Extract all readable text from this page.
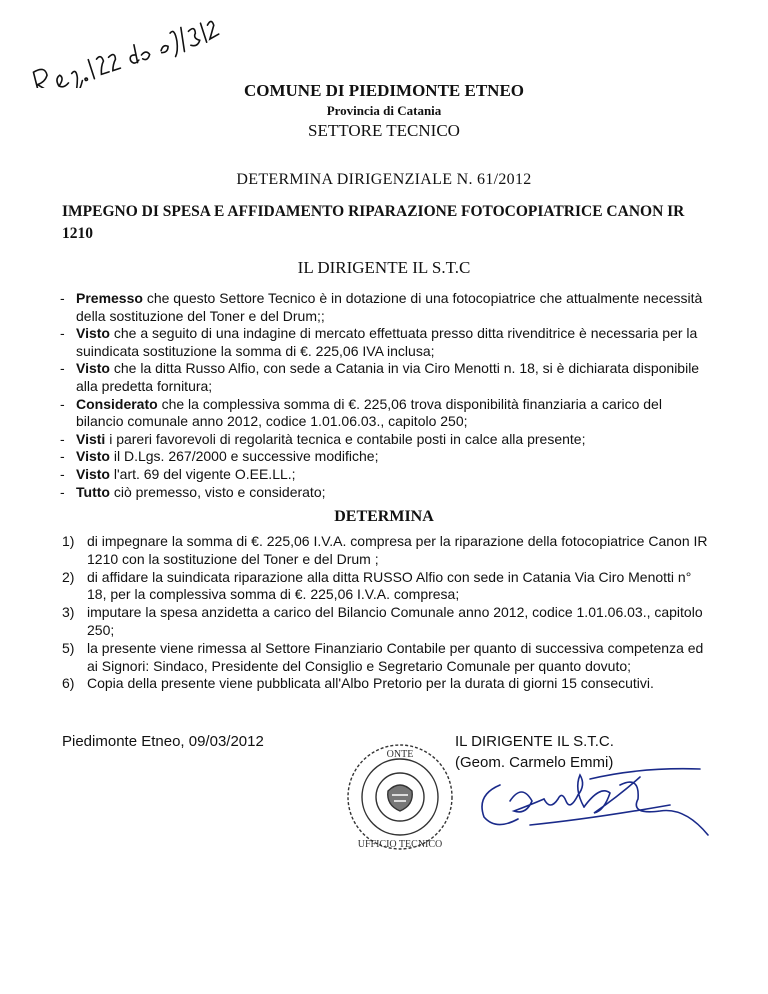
COMUNE DI PIEDIMONTE ETNEO
Provincia di Catania
SETTORE TECNICO
DETERMINA DIRIGENZIALE N. 61/2012
IMPEGNO DI SPESA E AFFIDAMENTO RIPARAZIONE FOTOCOPIATRICE CANON IR 1210
IL DIRIGENTE IL S.T.C
- Premesso che questo Settore Tecnico è in dotazione di una fotocopiatrice che attualmente necessità della sostituzione del Toner e del Drum;;
- Visto che a seguito di una indagine di mercato effettuata presso ditta rivenditrice è necessaria per la suindicata sostituzione la somma di €. 225,06 IVA inclusa;
- Visto che la ditta Russo Alfio, con sede a Catania in via Ciro Menotti n. 18, si è dichiarata disponibile alla predetta fornitura;
- Considerato che la complessiva somma di €. 225,06 trova disponibilità finanziaria a carico del bilancio comunale anno 2012, codice 1.01.06.03., capitolo 250;
- Visti i pareri favorevoli di regolarità tecnica e contabile posti in calce alla presente;
- Visto il D.Lgs. 267/2000 e successive modifiche;
- Visto l'art. 69 del vigente O.EE.LL.;
- Tutto ciò premesso, visto e considerato;
DETERMINA
1) di impegnare la somma di €. 225,06 I.V.A. compresa per la riparazione della fotocopiatrice Canon IR 1210 con la sostituzione del Toner e del Drum ;
2) di affidare la suindicata riparazione alla ditta RUSSO Alfio con sede in Catania Via Ciro Menotti n° 18, per la complessiva somma di €. 225,06 I.V.A. compresa;
3) imputare la spesa anzidetta a carico del Bilancio Comunale anno 2012, codice 1.01.06.03., capitolo 250;
5) la presente viene rimessa al Settore Finanziario Contabile per quanto di successiva competenza ed ai Signori: Sindaco, Presidente del Consiglio e Segretario Comunale per quanto dovuto;
6) Copia della presente viene pubblicata all'Albo Pretorio per la durata di giorni 15 consecutivi.
Piedimonte Etneo, 09/03/2012
ONTE
UFFICIO TECNICO
IL DIRIGENTE IL S.T.C.
(Geom. Carmelo Emmi)
